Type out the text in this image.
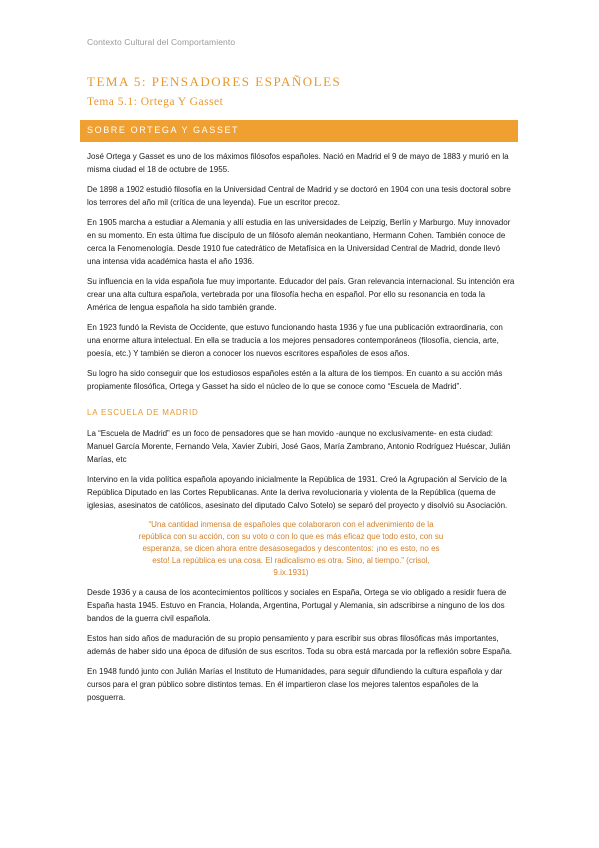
Contexto Cultural del Comportamiento
TEMA 5: PENSADORES ESPAÑOLES
Tema 5.1: Ortega Y Gasset
SOBRE ORTEGA Y GASSET

José Ortega y Gasset es uno de los máximos filósofos españoles. Nació en Madrid el 9 de mayo de 1883 y murió en la misma ciudad el 18 de octubre de 1955.

De 1898 a 1902 estudió filosofía en la Universidad Central de Madrid y se doctoró en 1904 con una tesis doctoral sobre los terrores del año mil (crítica de una leyenda). Fue un escritor precoz.

En 1905 marcha a estudiar a Alemania y allí estudia en las universidades de Leipzig, Berlín y Marburgo. Muy innovador en su momento. En esta última fue discípulo de un filósofo alemán neokantiano, Hermann Cohen. También conoce de cerca la Fenomenología. Desde 1910 fue catedrático de Metafísica en la Universidad Central de Madrid, donde llevó una intensa vida académica hasta el año 1936.

Su influencia en la vida española fue muy importante. Educador del país. Gran relevancia internacional. Su intención era crear una alta cultura española, vertebrada por una filosofía hecha en español. Por ello su resonancia en toda la América de lengua española ha sido también grande.

En 1923 fundó la Revista de Occidente, que estuvo funcionando hasta 1936 y fue una publicación extraordinaria, con una enorme altura intelectual. En ella se traducía a los mejores pensadores contemporáneos (filosofía, ciencia, arte, poesía, etc.) Y también se dieron a conocer los nuevos escritores españoles de esos años.

Su logro ha sido conseguir que los estudiosos españoles estén a la altura de los tiempos. En cuanto a su acción más propiamente filosófica, Ortega y Gasset ha sido el núcleo de lo que se conoce como “Escuela de Madrid”.

LA ESCUELA DE MADRID

La “Escuela de Madrid” es un foco de pensadores que se han movido -aunque no exclusivamente- en esta ciudad: Manuel García Morente, Fernando Vela, Xavier Zubiri, José Gaos, María Zambrano, Antonio Rodríguez Huéscar, Julián Marías, etc

Intervino en la vida política española apoyando inicialmente la República de 1931. Creó la Agrupación al Servicio de la República Diputado en las Cortes Republicanas. Ante la deriva revolucionaria y violenta de la República (quema de iglesias, asesinatos de católicos, asesinato del diputado Calvo Sotelo) se separó del proyecto y disolvió su Asociación.

“Una cantidad inmensa de españoles que colaboraron con el advenimiento de la república con su acción, con su voto o con lo que es más eficaz que todo esto, con su esperanza, se dicen ahora entre desasosegados y descontentos: ¡no es esto, no es esto! La república es una cosa. El radicalismo es otra. Sino, al tiempo.” (crisol, 9.ix.1931)

Desde 1936 y a causa de los acontecimientos políticos y sociales en España, Ortega se vio obligado a residir fuera de España hasta 1945. Estuvo en Francia, Holanda, Argentina, Portugal y Alemania, sin adscribirse a ninguno de los dos bandos de la guerra civil española.

Estos han sido años de maduración de su propio pensamiento y para escribir sus obras filosóficas más importantes, además de haber sido una época de difusión de sus escritos. Toda su obra está marcada por la reflexión sobre España.

En 1948 fundó junto con Julián Marías el Instituto de Humanidades, para seguir difundiendo la cultura española y dar cursos para el gran público sobre distintos temas. En él impartieron clase los mejores talentos españoles de la posguerra.
